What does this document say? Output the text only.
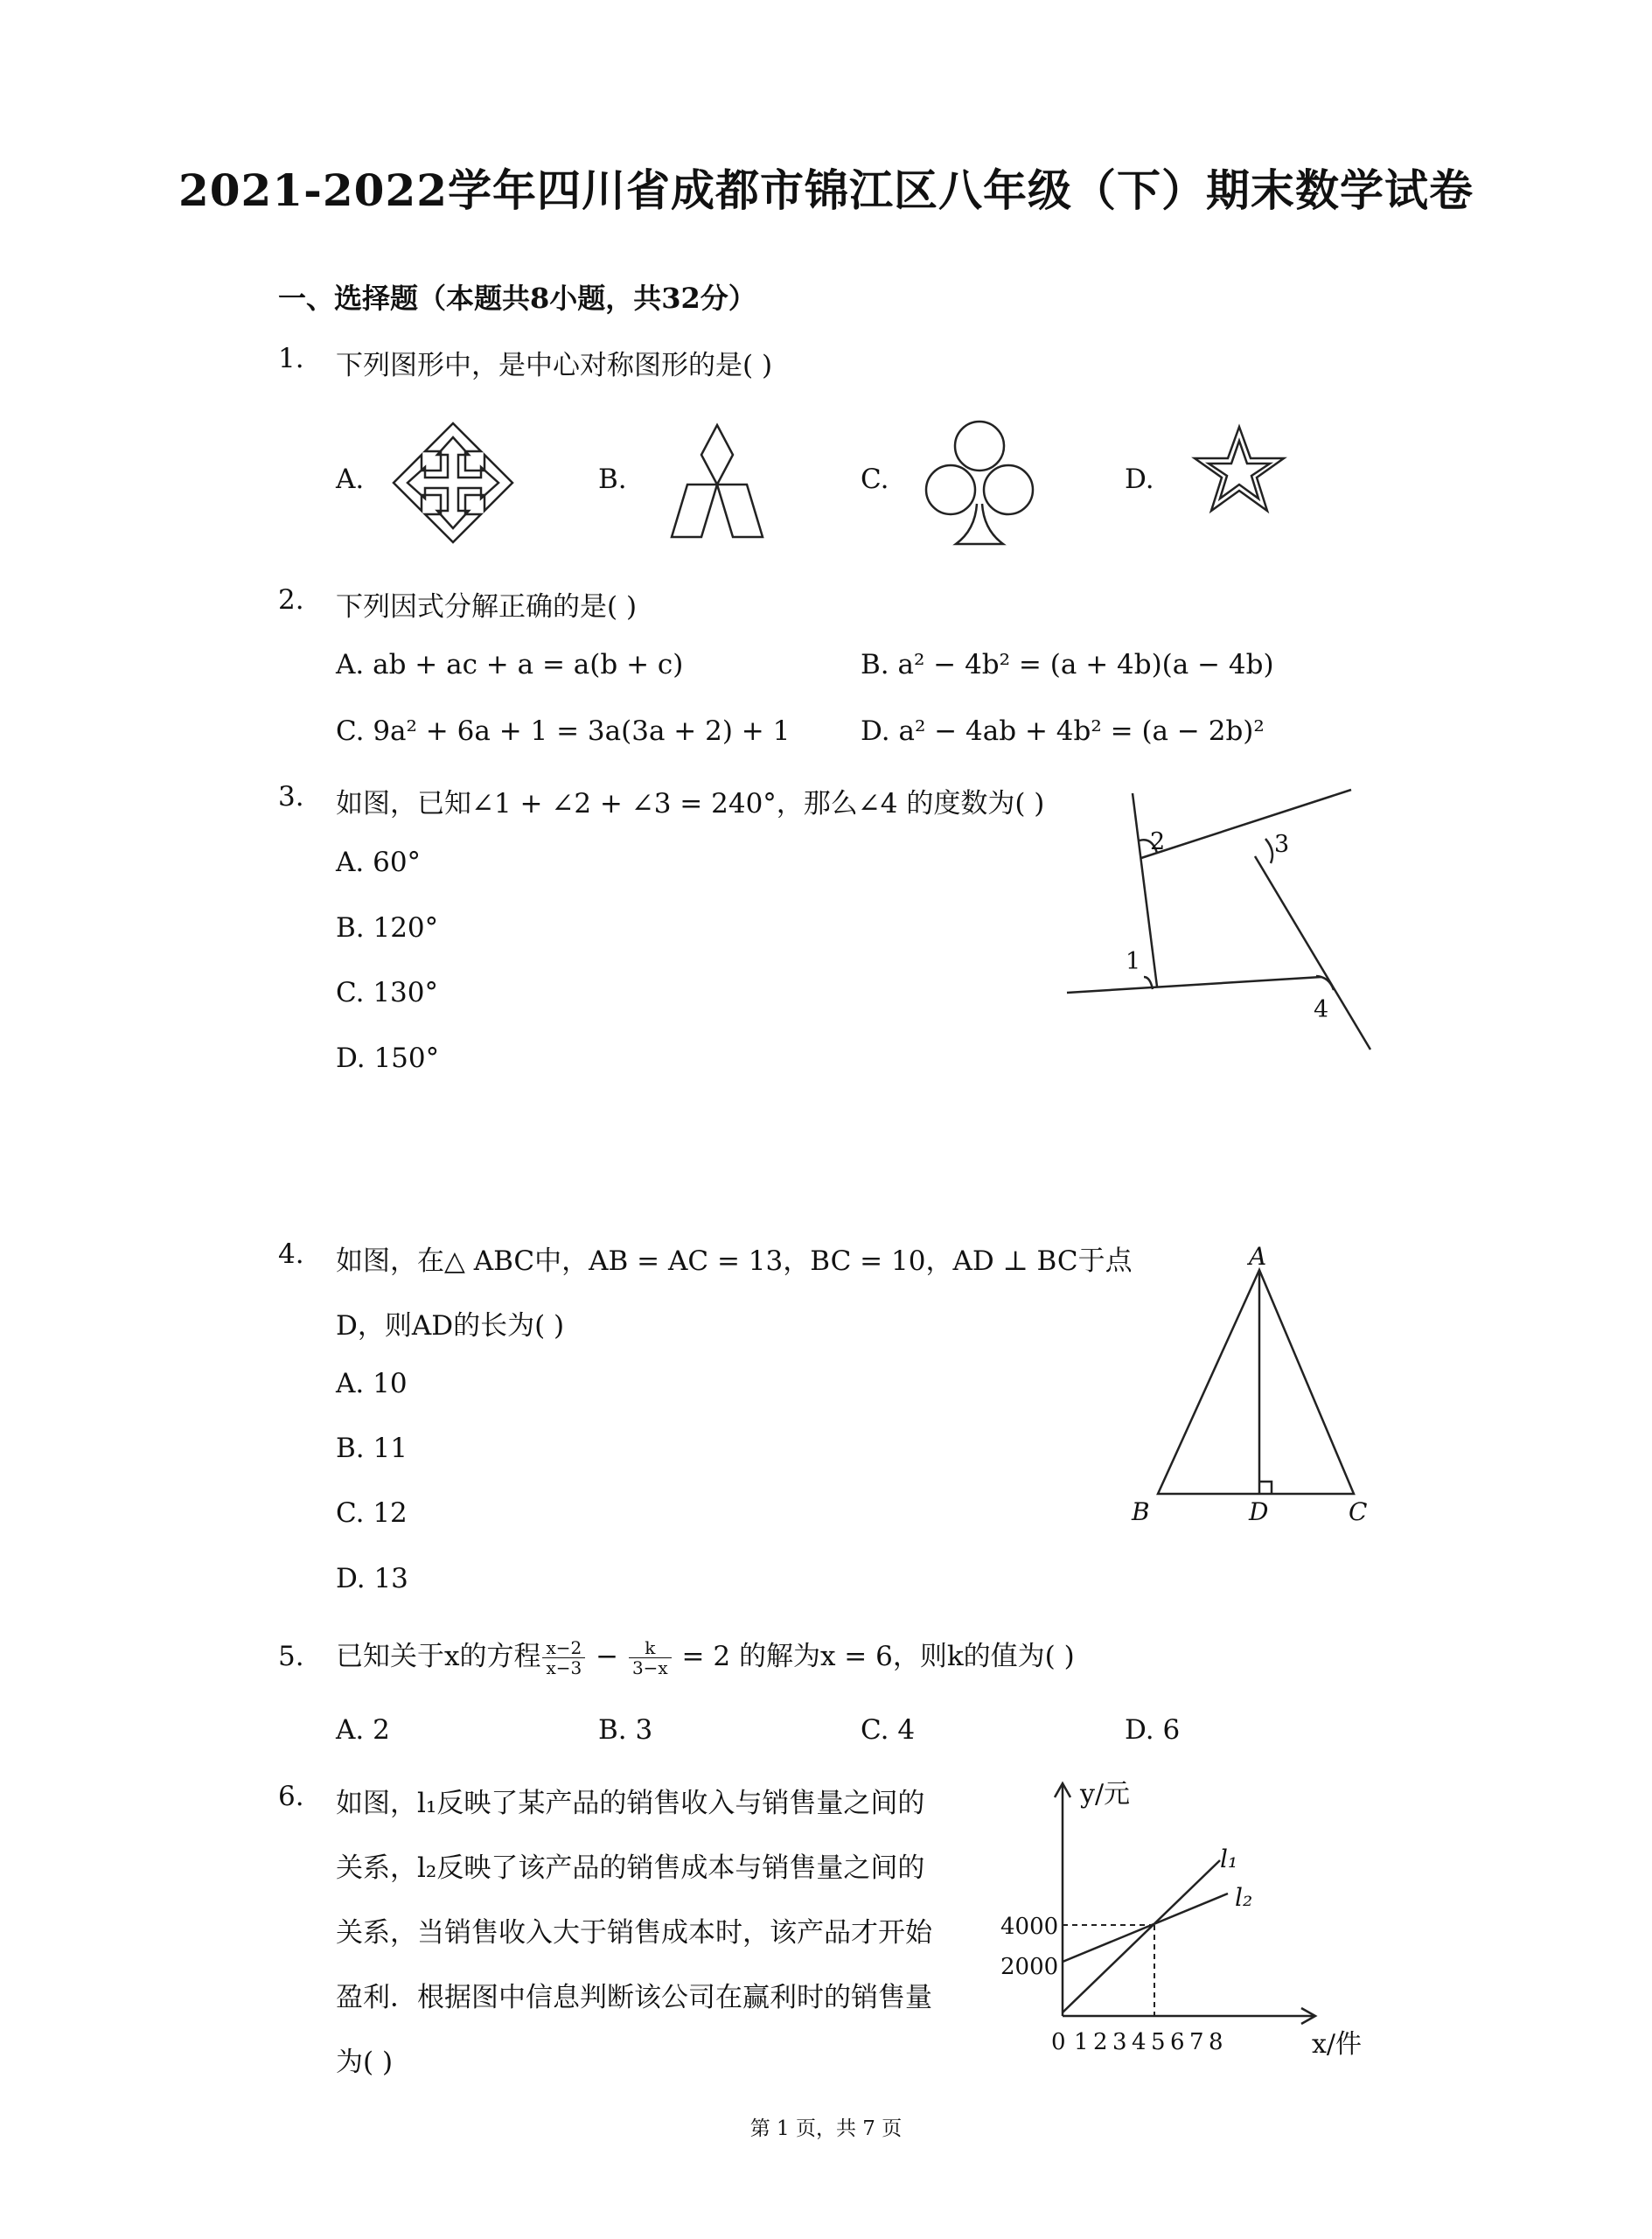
2021-2022学年四川省成都市锦江区八年级（下）期末数学试卷
一、选择题（本题共8小题，共32分）
1. 下列图形中，是中心对称图形的是( )
A.	B.	C.	D.
2. 下列因式分解正确的是( )
A. ab + ac + a = a(b + c)	B. a² − 4b² = (a + 4b)(a − 4b)
C. 9a² + 6a + 1 = 3a(3a + 2) + 1	D. a² − 4ab + 4b² = (a − 2b)²
3. 如图，已知∠1 + ∠2 + ∠3 = 240°，那么∠4 的度数为( )
A. 60°
B. 120°
C. 130°
D. 150°
2	3
1
4
4. 如图，在△ ABC中，AB = AC = 13，BC = 10，AD ⊥ BC于点
D，则AD的长为( )
A. 10
B. 11
C. 12
D. 13
A
B	D	C
5. 已知关于x的方程 $\frac{x-2}{x-3} - \frac{k}{3-x} = 2$ 的解为x = 6，则k的值为( )
A. 2	B. 3	C. 4	D. 6
6. 如图，l₁反映了某产品的销售收入与销售量之间的
关系，l₂反映了该产品的销售成本与销售量之间的
关系，当销售收入大于销售成本时，该产品才开始
盈利．根据图中信息判断该公司在赢利时的销售量
为( )
y/元
x/件
l₁
l₂
4000
2000
0 1 2 3 4 5 6 7 8
第 1 页，共 7 页
